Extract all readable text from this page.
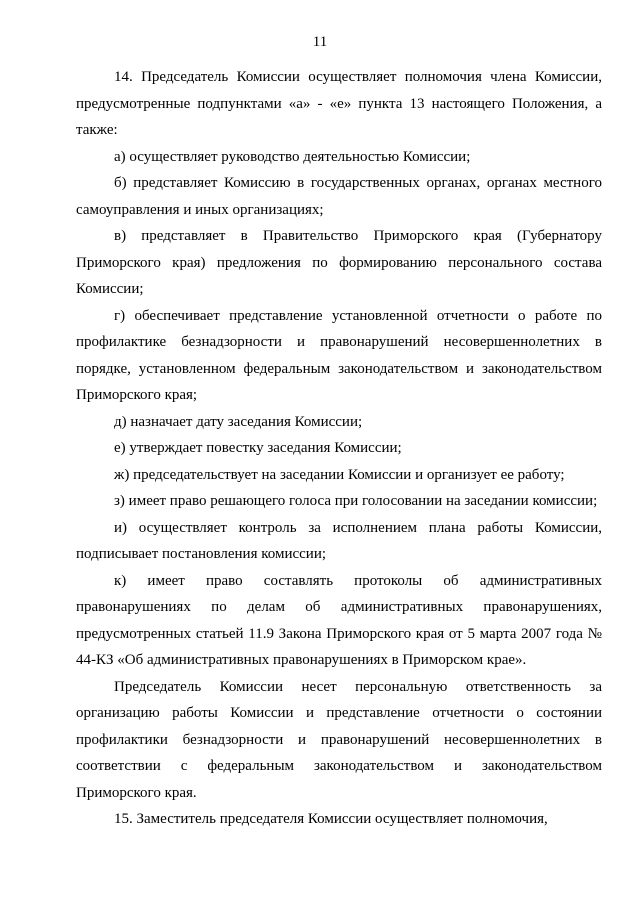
11

14. Председатель Комиссии осуществляет полномочия члена Комиссии, предусмотренные подпунктами «а» - «е» пункта 13 настоящего Положения, а также:

а) осуществляет руководство деятельностью Комиссии;

б) представляет Комиссию в государственных органах, органах местного самоуправления и иных организациях;

в) представляет в Правительство Приморского края (Губернатору Приморского края) предложения по формированию персонального состава Комиссии;

г) обеспечивает представление установленной отчетности о работе по профилактике безнадзорности и правонарушений несовершеннолетних в порядке, установленном федеральным законодательством и законодательством Приморского края;

д) назначает дату заседания Комиссии;

е) утверждает повестку заседания Комиссии;

ж) председательствует на заседании Комиссии и организует ее работу;

з) имеет право решающего голоса при голосовании на заседании комиссии;

и) осуществляет контроль за исполнением плана работы Комиссии, подписывает постановления комиссии;

к) имеет право составлять протоколы об административных правонарушениях по делам об административных правонарушениях, предусмотренных статьей 11.9 Закона Приморского края от 5 марта 2007 года № 44-КЗ «Об административных правонарушениях в Приморском крае».

Председатель Комиссии несет персональную ответственность за организацию работы Комиссии и представление отчетности о состоянии профилактики безнадзорности и правонарушений несовершеннолетних в соответствии с федеральным законодательством и законодательством Приморского края.

15. Заместитель председателя Комиссии осуществляет полномочия,
